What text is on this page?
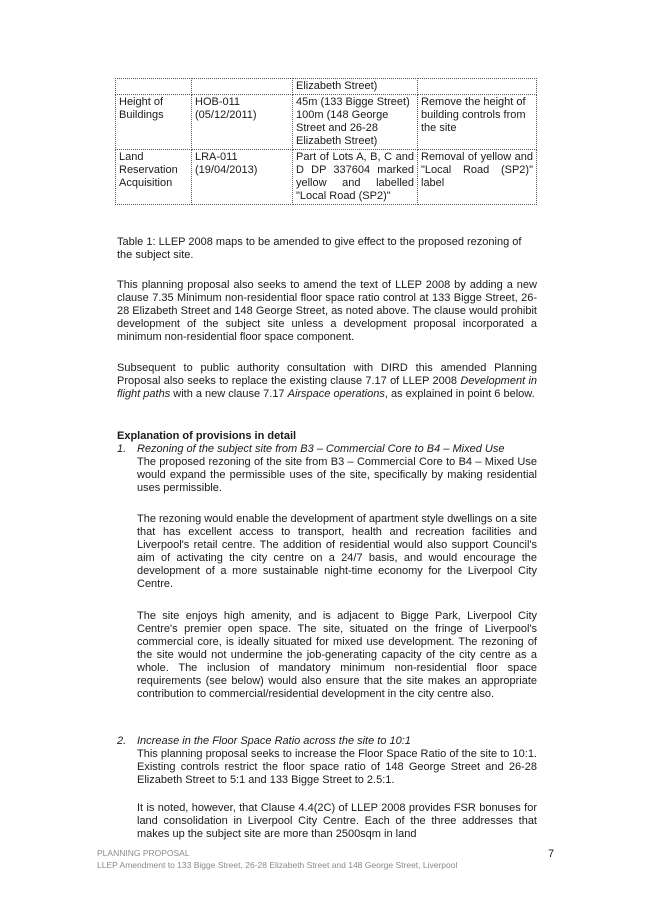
		Elizabeth Street)	
Height of Buildings	HOB-011 (05/12/2011)	45m (133 Bigge Street) 100m (148 George Street and 26-28 Elizabeth Street)	Remove the height of building controls from the site
Land Reservation Acquisition	LRA-011 (19/04/2013)	Part of Lots A, B, C and D DP 337604 marked yellow and labelled "Local Road (SP2)"	Removal of yellow and "Local Road (SP2)" label
Table 1: LLEP 2008 maps to be amended to give effect to the proposed rezoning of the subject site.

This planning proposal also seeks to amend the text of LLEP 2008 by adding a new clause 7.35 Minimum non-residential floor space ratio control at 133 Bigge Street, 26-28 Elizabeth Street and 148 George Street, as noted above. The clause would prohibit development of the subject site unless a development proposal incorporated a minimum non-residential floor space component.

Subsequent to public authority consultation with DIRD this amended Planning Proposal also seeks to replace the existing clause 7.17 of LLEP 2008 Development in flight paths with a new clause 7.17 Airspace operations, as explained in point 6 below.

Explanation of provisions in detail
1. Rezoning of the subject site from B3 – Commercial Core to B4 – Mixed Use

The proposed rezoning of the site from B3 – Commercial Core to B4 – Mixed Use would expand the permissible uses of the site, specifically by making residential uses permissible.

The rezoning would enable the development of apartment style dwellings on a site that has excellent access to transport, health and recreation facilities and Liverpool's retail centre. The addition of residential would also support Council's aim of activating the city centre on a 24/7 basis, and would encourage the development of a more sustainable night-time economy for the Liverpool City Centre.

The site enjoys high amenity, and is adjacent to Bigge Park, Liverpool City Centre's premier open space. The site, situated on the fringe of Liverpool's commercial core, is ideally situated for mixed use development. The rezoning of the site would not undermine the job-generating capacity of the city centre as a whole. The inclusion of mandatory minimum non-residential floor space requirements (see below) would also ensure that the site makes an appropriate contribution to commercial/residential development in the city centre also.

2. Increase in the Floor Space Ratio across the site to 10:1

This planning proposal seeks to increase the Floor Space Ratio of the site to 10:1. Existing controls restrict the floor space ratio of 148 George Street and 26-28 Elizabeth Street to 5:1 and 133 Bigge Street to 2.5:1.

It is noted, however, that Clause 4.4(2C) of LLEP 2008 provides FSR bonuses for land consolidation in Liverpool City Centre. Each of the three addresses that makes up the subject site are more than 2500sqm in land

PLANNING PROPOSAL
LLEP Amendment to 133 Bigge Street, 26-28 Elizabeth Street and 148 George Street, Liverpool
7
